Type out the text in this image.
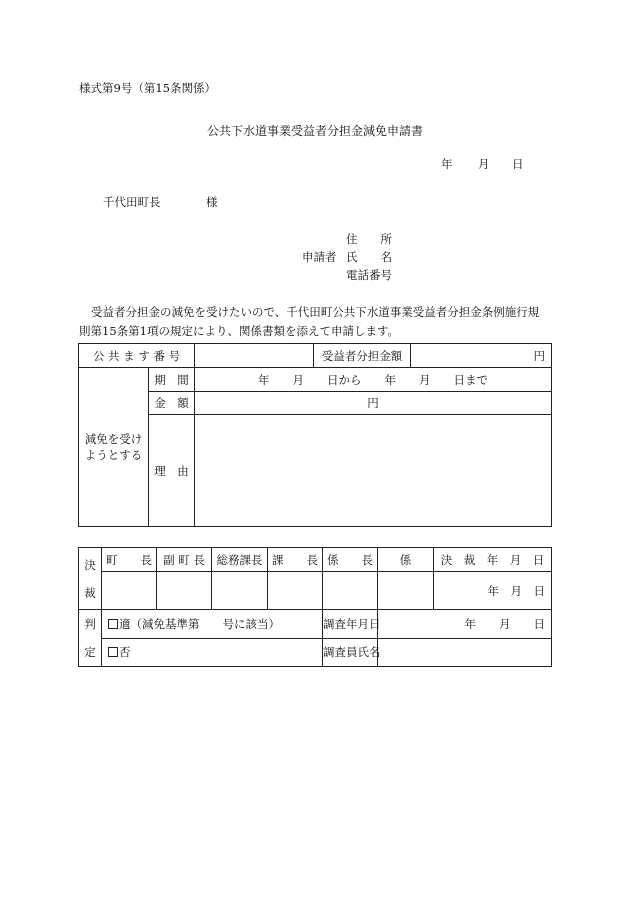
様式第9号（第15条関係）
公共下水道事業受益者分担金減免申請書
年 月 日
千代田町長	様
住　　所
申請者 氏　　名
電話番号
受益者分担金の減免を受けたいので、千代田町公共下水道事業受益者分担金条例施行規
則第15条第1項の規定により、関係書類を添えて申請します。
公 共 ま す 番 号			受益者分担金額	円
減免を受け
ようとする	期　間	年　　月　　日から　　年　　月　　日まで		
	金　額	円		
	理　由			
決
裁	町　　長	副 町 長	総務課長	課　　長	係　　長	係	決　裁　年　月　日
							年　月　日
判
定	適（減免基準第　　号に該当）				調査年月日	年　　月　　日	
	否				調査員氏名		
